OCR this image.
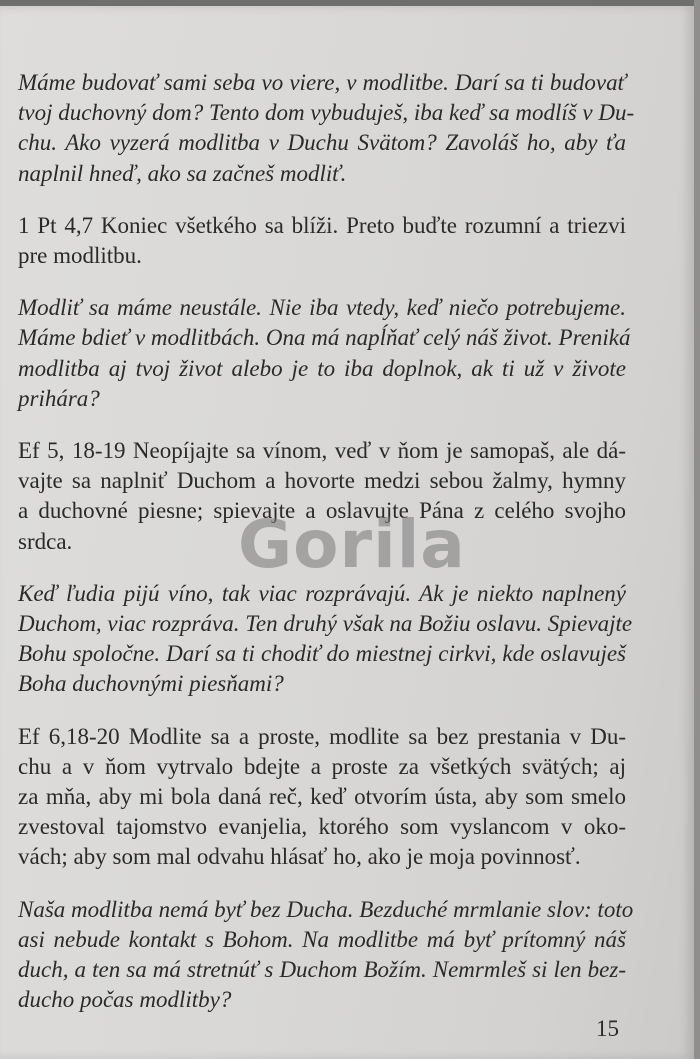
Máme budovať sami seba vo viere, v modlitbe. Darí sa ti budovať
tvoj duchovný dom? Tento dom vybuduješ, iba keď sa modlíš v Du-
chu. Ako vyzerá modlitba v Duchu Svätom? Zavoláš ho, aby ťa
naplnil hneď, ako sa začneš modliť.

1 Pt 4,7 Koniec všetkého sa blíži. Preto buďte rozumní a triezvi
pre modlitbu.

Modliť sa máme neustále. Nie iba vtedy, keď niečo potrebujeme.
Máme bdieť v modlitbách. Ona má napĺňať celý náš život. Preniká
modlitba aj tvoj život alebo je to iba doplnok, ak ti už v živote
prihára?

Ef 5, 18-19 Neopíjajte sa vínom, veď v ňom je samopaš, ale dá-
vajte sa naplniť Duchom a hovorte medzi sebou žalmy, hymny
a duchovné piesne; spievajte a oslavujte Pána z celého svojho
srdca.

Keď ľudia pijú víno, tak viac rozprávajú. Ak je niekto naplnený
Duchom, viac rozpráva. Ten druhý však na Božiu oslavu. Spievajte
Bohu spoločne. Darí sa ti chodiť do miestnej cirkvi, kde oslavuješ
Boha duchovnými piesňami?

Ef 6,18-20 Modlite sa a proste, modlite sa bez prestania v Du-
chu a v ňom vytrvalo bdejte a proste za všetkých svätých; aj
za mňa, aby mi bola daná reč, keď otvorím ústa, aby som smelo
zvestoval tajomstvo evanjelia, ktorého som vyslancom v oko-
vách; aby som mal odvahu hlásať ho, ako je moja povinnosť.

Naša modlitba nemá byť bez Ducha. Bezduché mrmlanie slov: toto
asi nebude kontakt s Bohom. Na modlitbe má byť prítomný náš
duch, a ten sa má stretnúť s Duchom Božím. Nemrmleš si len bez-
ducho počas modlitby?

15
Gorila
